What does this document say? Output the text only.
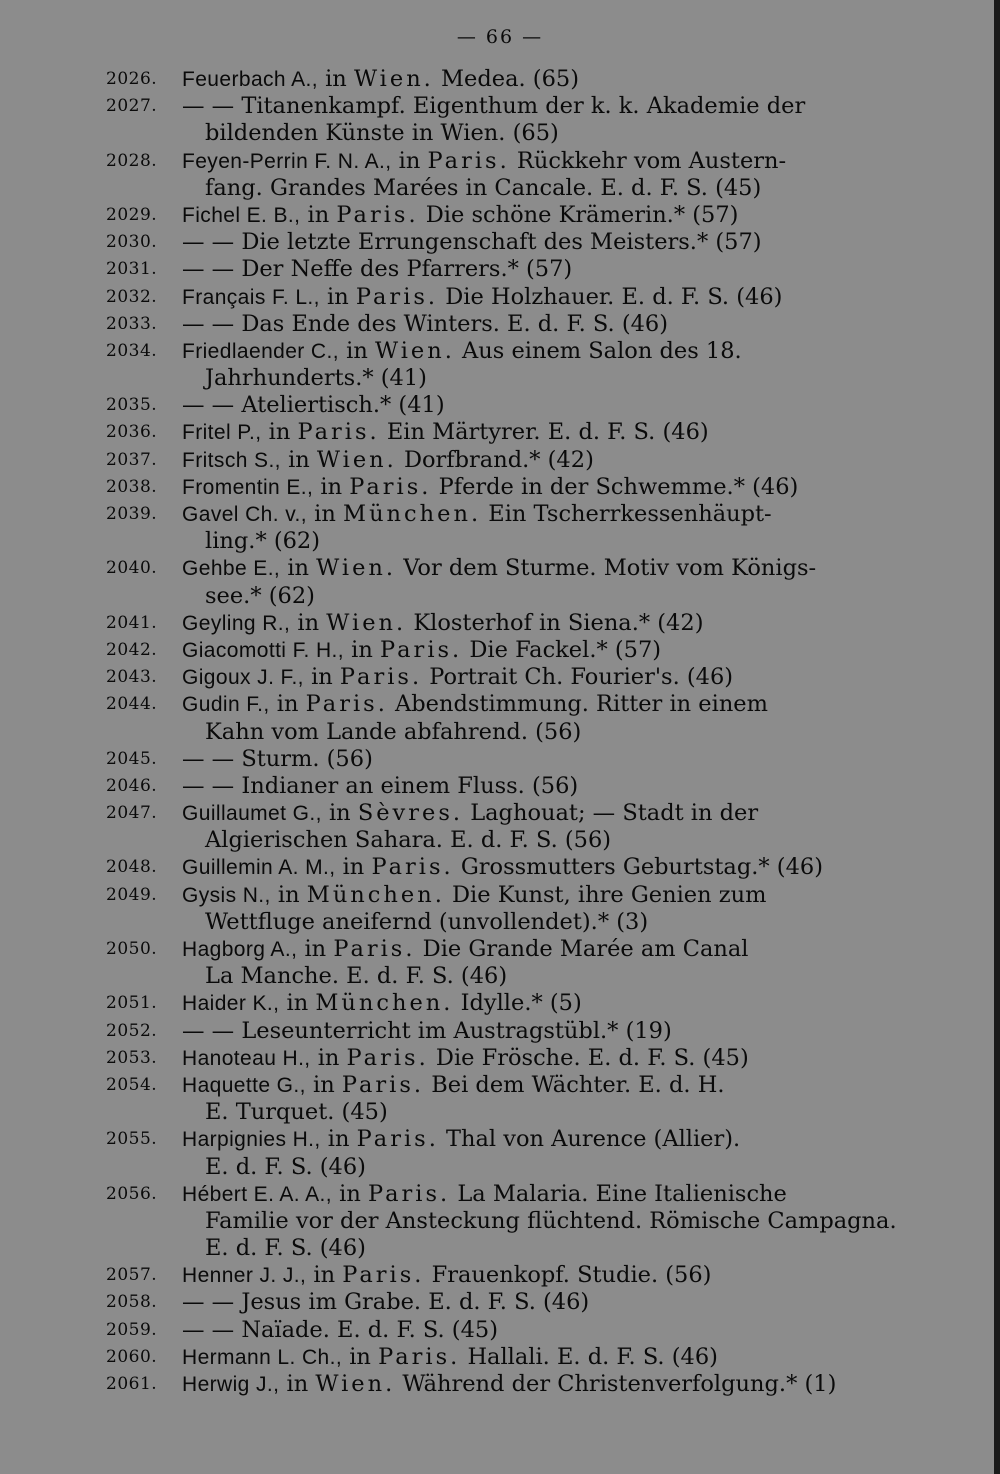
— 66 —
2026.	Feuerbach A., in Wien. Medea. (65)
2027.	— — Titanenkampf. Eigenthum der k. k. Akademie der
bildenden Künste in Wien. (65)
2028.	Feyen-Perrin F. N. A., in Paris. Rückkehr vom Austern-
fang. Grandes Marées in Cancale. E. d. F. S. (45)
2029.	Fichel E. B., in Paris. Die schöne Krämerin.* (57)
2030.	— — Die letzte Errungenschaft des Meisters.* (57)
2031.	— — Der Neffe des Pfarrers.* (57)
2032.	Français F. L., in Paris. Die Holzhauer. E. d. F. S. (46)
2033.	— — Das Ende des Winters. E. d. F. S. (46)
2034.	Friedlaender C., in Wien. Aus einem Salon des 18.
Jahrhunderts.* (41)
2035.	— — Ateliertisch.* (41)
2036.	Fritel P., in Paris. Ein Märtyrer. E. d. F. S. (46)
2037.	Fritsch S., in Wien. Dorfbrand.* (42)
2038.	Fromentin E., in Paris. Pferde in der Schwemme.* (46)
2039.	Gavel Ch. v., in München. Ein Tscherrkessenhäupt-
ling.* (62)
2040.	Gehbe E., in Wien. Vor dem Sturme. Motiv vom Königs-
see.* (62)
2041.	Geyling R., in Wien. Klosterhof in Siena.* (42)
2042.	Giacomotti F. H., in Paris. Die Fackel.* (57)
2043.	Gigoux J. F., in Paris. Portrait Ch. Fourier's. (46)
2044.	Gudin F., in Paris. Abendstimmung. Ritter in einem
Kahn vom Lande abfahrend. (56)
2045.	— — Sturm. (56)
2046.	— — Indianer an einem Fluss. (56)
2047.	Guillaumet G., in Sèvres. Laghouat; — Stadt in der
Algierischen Sahara. E. d. F. S. (56)
2048.	Guillemin A. M., in Paris. Grossmutters Geburtstag.* (46)
2049.	Gysis N., in München. Die Kunst, ihre Genien zum
Wettfluge aneifernd (unvollendet).* (3)
2050.	Hagborg A., in Paris. Die Grande Marée am Canal
La Manche. E. d. F. S. (46)
2051.	Haider K., in München. Idylle.* (5)
2052.	— — Leseunterricht im Austragstübl.* (19)
2053.	Hanoteau H., in Paris. Die Frösche. E. d. F. S. (45)
2054.	Haquette G., in Paris. Bei dem Wächter. E. d. H.
E. Turquet. (45)
2055.	Harpignies H., in Paris. Thal von Aurence (Allier).
E. d. F. S. (46)
2056.	Hébert E. A. A., in Paris. La Malaria. Eine Italienische
Familie vor der Ansteckung flüchtend. Römische Campagna.
E. d. F. S. (46)
2057.	Henner J. J., in Paris. Frauenkopf. Studie. (56)
2058.	— — Jesus im Grabe. E. d. F. S. (46)
2059.	— — Naïade. E. d. F. S. (45)
2060.	Hermann L. Ch., in Paris. Hallali. E. d. F. S. (46)
2061.	Herwig J., in Wien. Während der Christenverfolgung.* (1)
